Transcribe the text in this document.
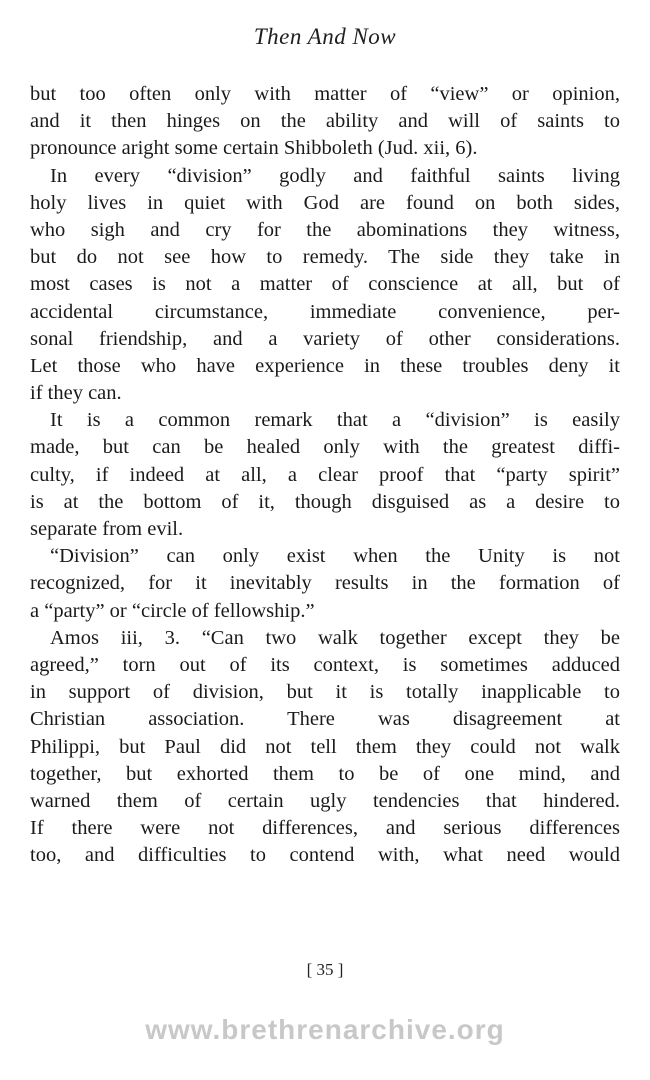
Then And Now
but too often only with matter of “view” or opinion,
and it then hinges on the ability and will of saints to
pronounce aright some certain Shibboleth (Jud. xii, 6).
In every “division” godly and faithful saints living
holy lives in quiet with God are found on both sides,
who sigh and cry for the abominations they witness,
but do not see how to remedy. The side they take in
most cases is not a matter of conscience at all, but of
accidental circumstance, immediate convenience, per-
sonal friendship, and a variety of other considerations.
Let those who have experience in these troubles deny it
if they can.
It is a common remark that a “division” is easily
made, but can be healed only with the greatest diffi-
culty, if indeed at all, a clear proof that “party spirit”
is at the bottom of it, though disguised as a desire to
separate from evil.
“Division” can only exist when the Unity is not
recognized, for it inevitably results in the formation of
a “party” or “circle of fellowship.”
Amos iii, 3. “Can two walk together except they be
agreed,” torn out of its context, is sometimes adduced
in support of division, but it is totally inapplicable to
Christian association. There was disagreement at
Philippi, but Paul did not tell them they could not walk
together, but exhorted them to be of one mind, and
warned them of certain ugly tendencies that hindered.
If there were not differences, and serious differences
too, and difficulties to contend with, what need would
[ 35 ]
www.brethrenarchive.org
